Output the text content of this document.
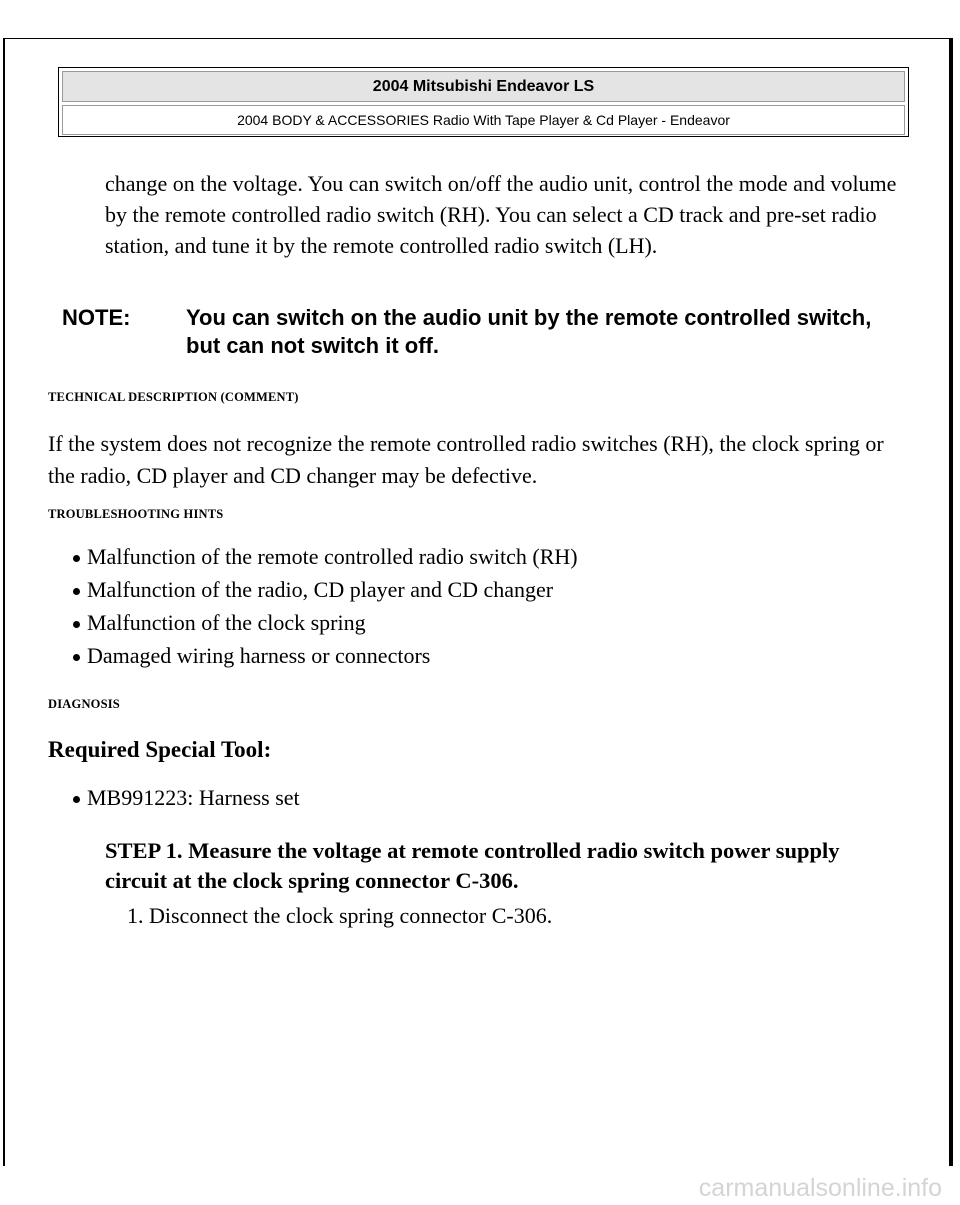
2004 Mitsubishi Endeavor LS
2004 BODY & ACCESSORIES Radio With Tape Player & Cd Player - Endeavor
change on the voltage. You can switch on/off the audio unit, control the mode and volume by the remote controlled radio switch (RH). You can select a CD track and pre-set radio station, and tune it by the remote controlled radio switch (LH).
NOTE:	You can switch on the audio unit by the remote controlled switch, but can not switch it off.
TECHNICAL DESCRIPTION (COMMENT)
If the system does not recognize the remote controlled radio switches (RH), the clock spring or the radio, CD player and CD changer may be defective.
TROUBLESHOOTING HINTS
Malfunction of the remote controlled radio switch (RH)
Malfunction of the radio, CD player and CD changer
Malfunction of the clock spring
Damaged wiring harness or connectors
DIAGNOSIS
Required Special Tool:
MB991223: Harness set
STEP 1. Measure the voltage at remote controlled radio switch power supply circuit at the clock spring connector C-306.
1. Disconnect the clock spring connector C-306.
carmanualsonline.info
